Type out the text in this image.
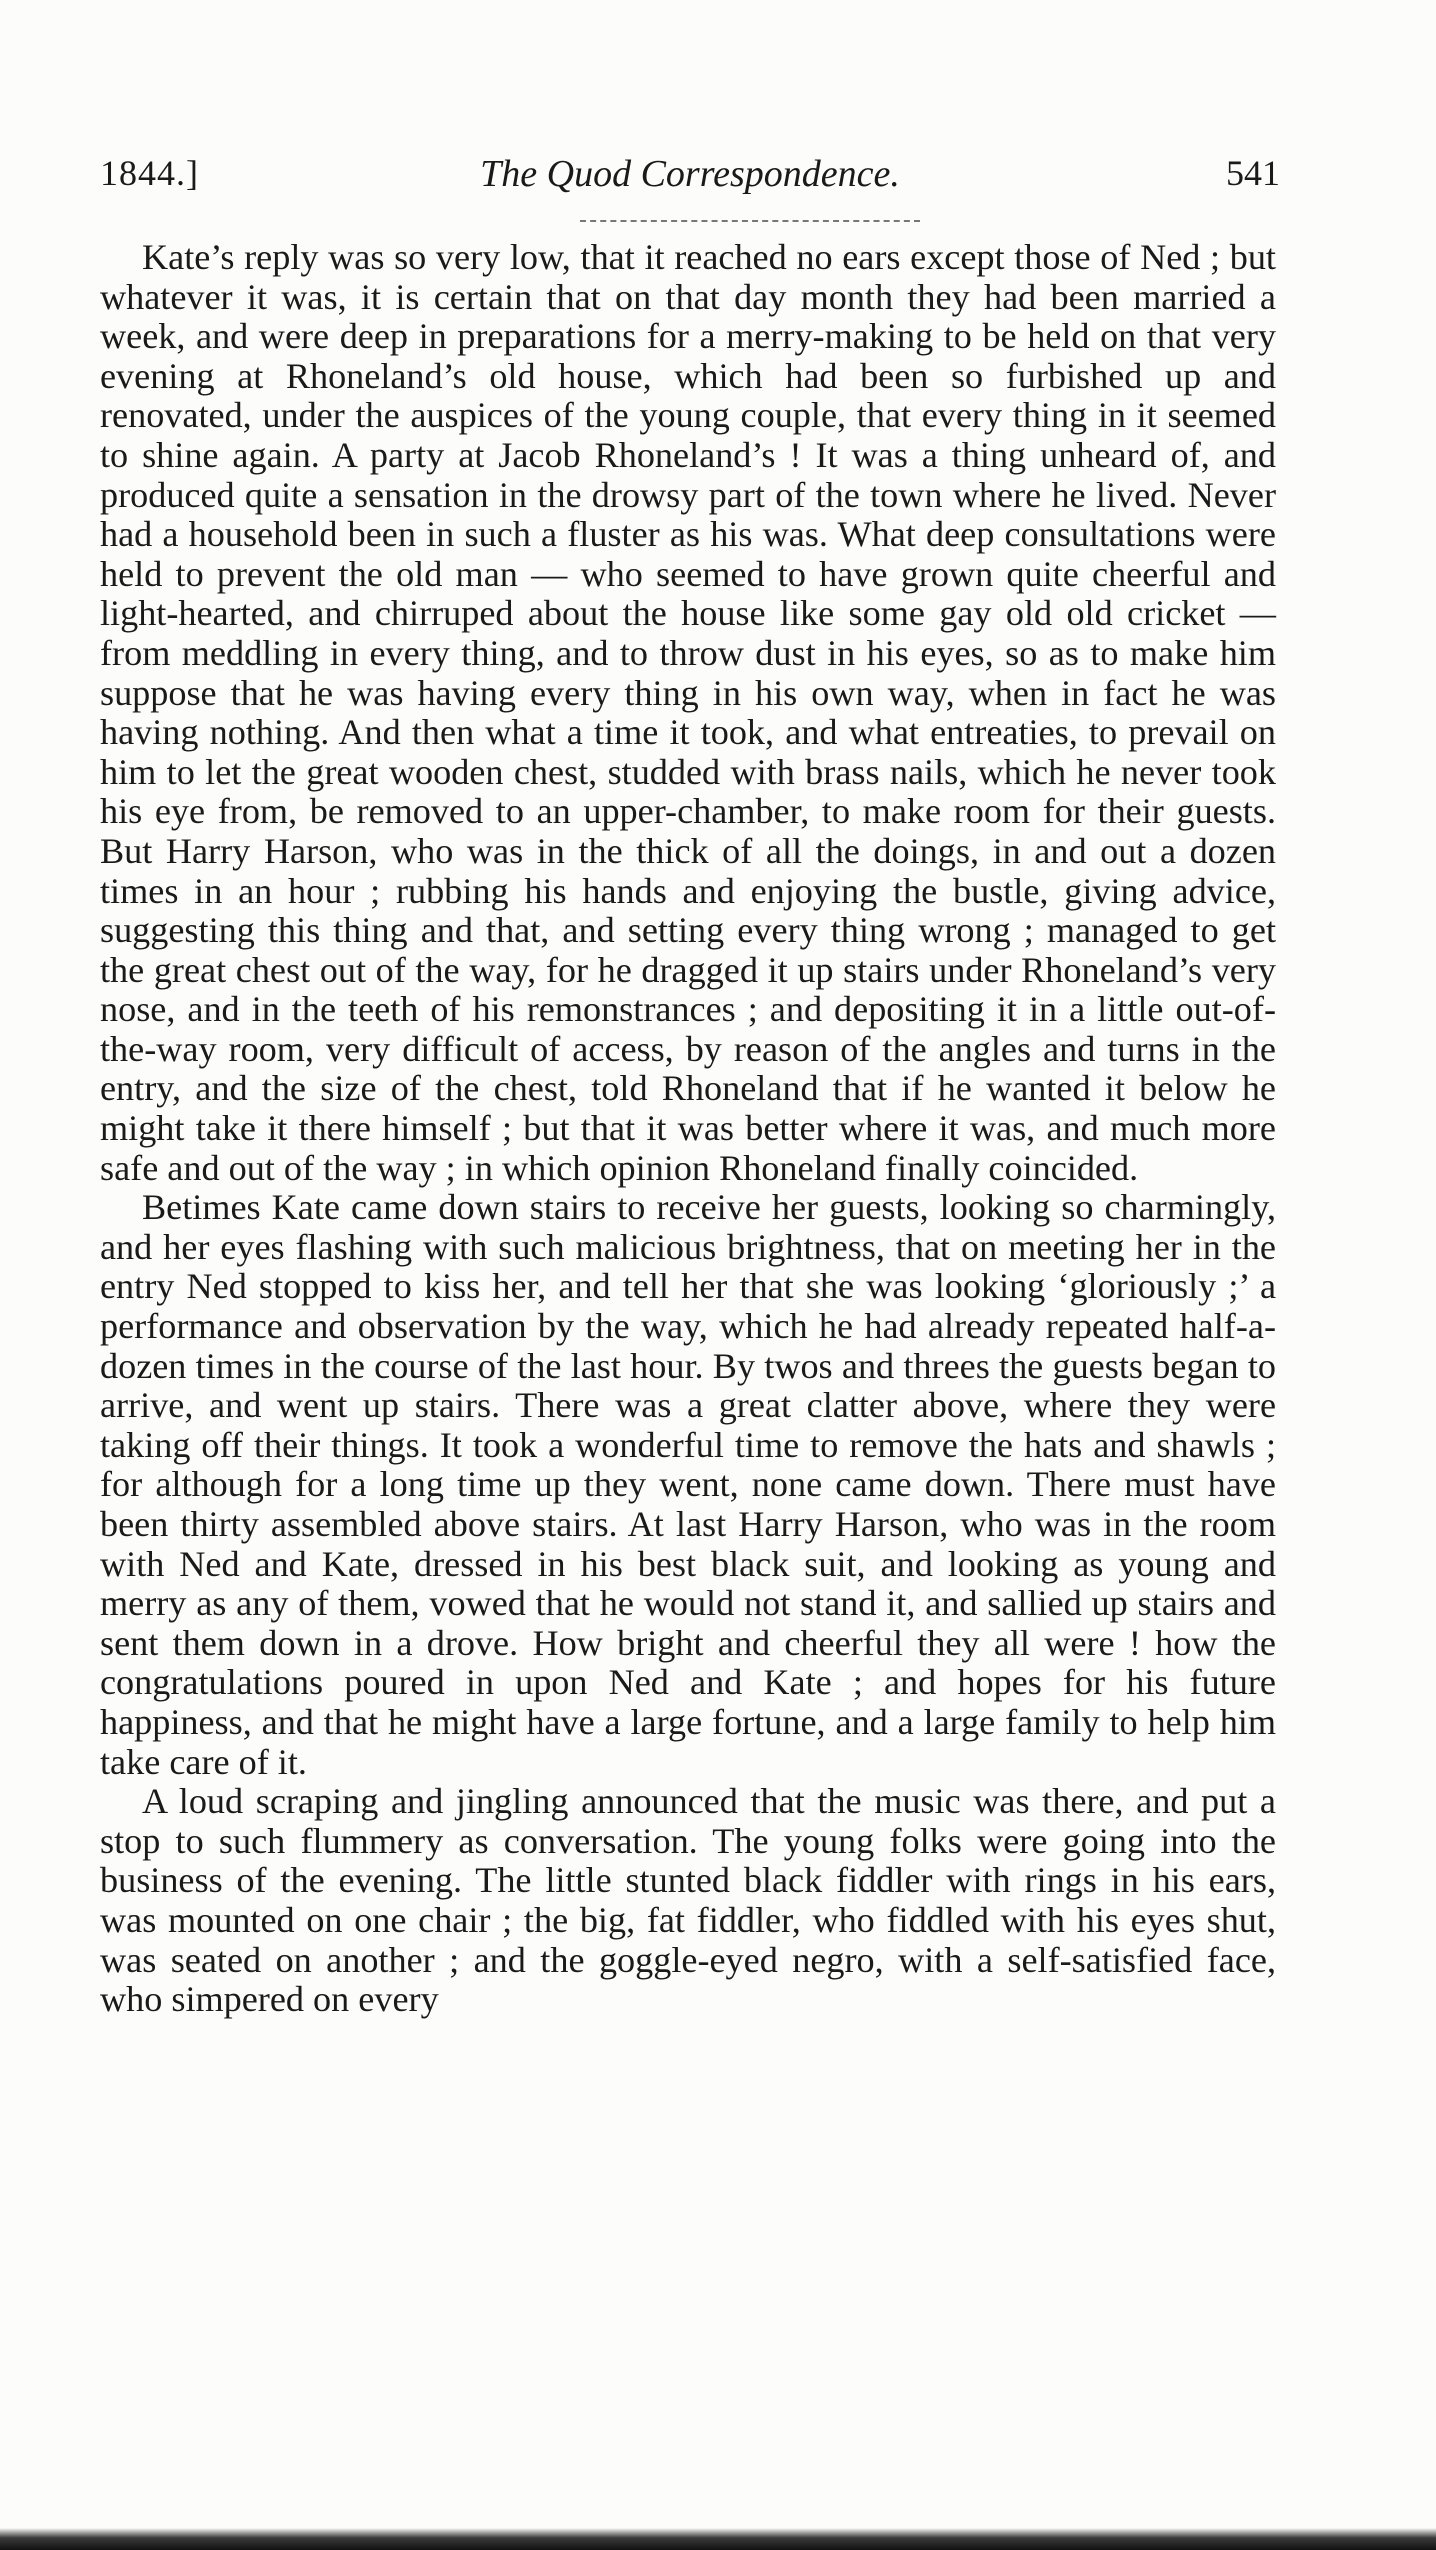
1844.]	The Quod Correspondence.	541

Kate’s reply was so very low, that it reached no ears except those of Ned ; but whatever it was, it is certain that on that day month they had been married a week, and were deep in preparations for a merry-making to be held on that very evening at Rhoneland’s old house, which had been so furbished up and renovated, under the auspices of the young couple, that every thing in it seemed to shine again. A party at Jacob Rhoneland’s ! It was a thing unheard of, and produced quite a sensation in the drowsy part of the town where he lived. Never had a household been in such a fluster as his was. What deep consultations were held to prevent the old man — who seemed to have grown quite cheerful and light-hearted, and chirruped about the house like some gay old old cricket — from meddling in every thing, and to throw dust in his eyes, so as to make him suppose that he was having every thing in his own way, when in fact he was having nothing. And then what a time it took, and what entreaties, to prevail on him to let the great wooden chest, studded with brass nails, which he never took his eye from, be removed to an upper-chamber, to make room for their guests. But Harry Harson, who was in the thick of all the doings, in and out a dozen times in an hour ; rubbing his hands and enjoying the bustle, giving advice, suggesting this thing and that, and setting every thing wrong ; managed to get the great chest out of the way, for he dragged it up stairs under Rhoneland’s very nose, and in the teeth of his remonstrances ; and depositing it in a little out-of-the-way room, very difficult of access, by reason of the angles and turns in the entry, and the size of the chest, told Rhoneland that if he wanted it below he might take it there himself ; but that it was better where it was, and much more safe and out of the way ; in which opinion Rhoneland finally coincided.

Betimes Kate came down stairs to receive her guests, looking so charmingly, and her eyes flashing with such malicious brightness, that on meeting her in the entry Ned stopped to kiss her, and tell her that she was looking ‘gloriously ;’ a performance and observation by the way, which he had already repeated half-a-dozen times in the course of the last hour. By twos and threes the guests began to arrive, and went up stairs. There was a great clatter above, where they were taking off their things. It took a wonderful time to remove the hats and shawls ; for although for a long time up they went, none came down. There must have been thirty assembled above stairs. At last Harry Harson, who was in the room with Ned and Kate, dressed in his best black suit, and looking as young and merry as any of them, vowed that he would not stand it, and sallied up stairs and sent them down in a drove. How bright and cheerful they all were ! how the congratulations poured in upon Ned and Kate ; and hopes for his future happiness, and that he might have a large fortune, and a large family to help him take care of it.

A loud scraping and jingling announced that the music was there, and put a stop to such flummery as conversation. The young folks were going into the business of the evening. The little stunted black fiddler with rings in his ears, was mounted on one chair ; the big, fat fiddler, who fiddled with his eyes shut, was seated on another ; and the goggle-eyed negro, with a self-satisfied face, who simpered on every
